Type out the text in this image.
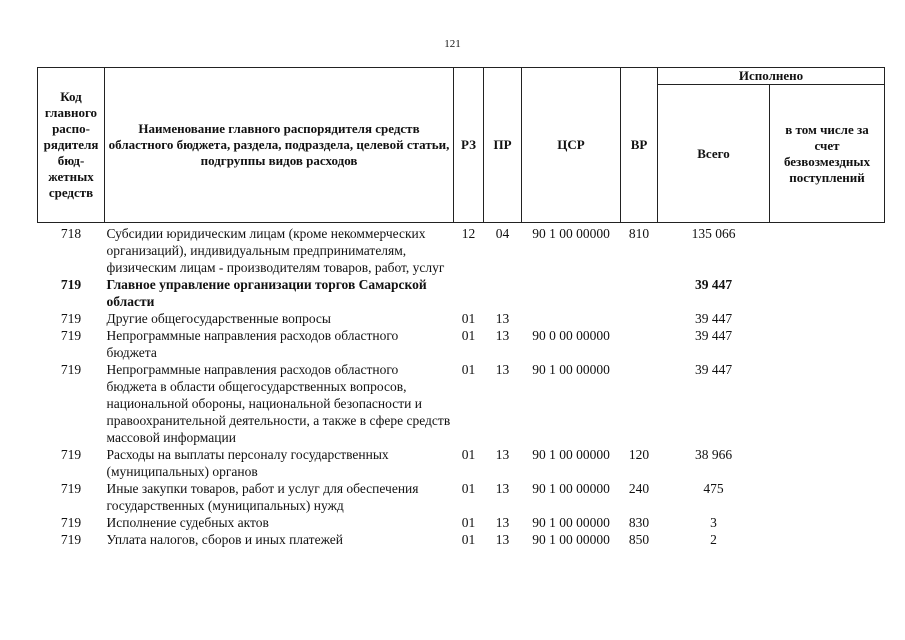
121
Код главного распо-рядителя бюд-жетных средств	Наименование главного распорядителя средств областного бюджета, раздела, подраздела, целевой статьи, подгруппы видов расходов	РЗ	ПР	ЦСР	ВР	Исполнено	
						Всего	в том числе за счет безвозмездных поступлений
718	Субсидии юридическим лицам (кроме некоммерческих организаций), индивидуальным предпринимателям, физическим лицам - производителям товаров, работ, услуг	12	04	90 1 00 00000	810	135 066	
719	Главное управление организации торгов Самарской области					39 447	
719	Другие общегосударственные вопросы	01	13			39 447	
719	Непрограммные направления расходов областного бюджета	01	13	90 0 00 00000		39 447	
719	Непрограммные направления расходов областного бюджета в области общегосударственных вопросов, национальной обороны, национальной безопасности и правоохранительной деятельности, а также в сфере средств массовой информации	01	13	90 1 00 00000		39 447	
719	Расходы на выплаты персоналу государственных (муниципальных) органов	01	13	90 1 00 00000	120	38 966	
719	Иные закупки товаров, работ и услуг для обеспечения государственных (муниципальных) нужд	01	13	90 1 00 00000	240	475	
719	Исполнение судебных актов	01	13	90 1 00 00000	830	3	
719	Уплата налогов, сборов и иных платежей	01	13	90 1 00 00000	850	2	
